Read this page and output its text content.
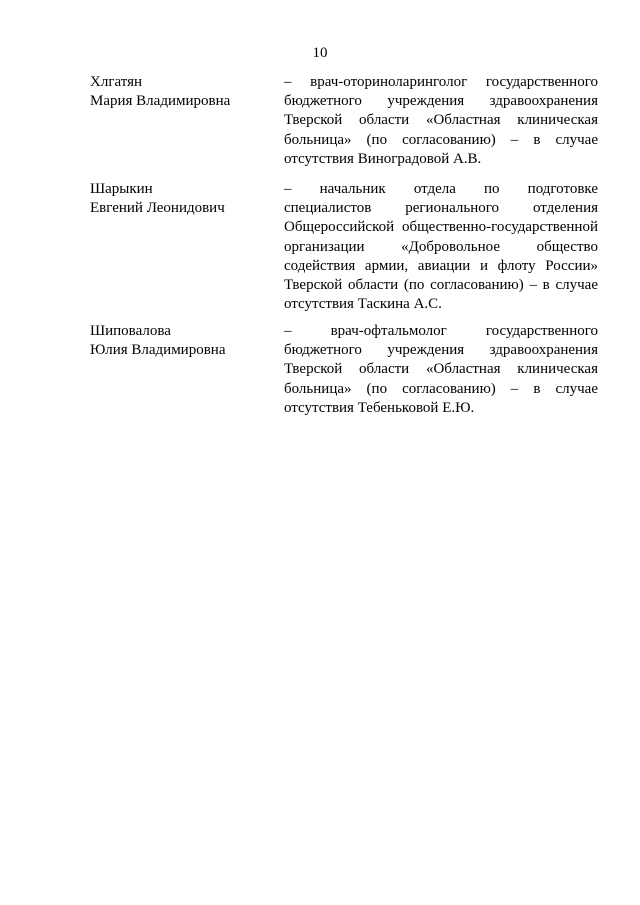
10
Хлгатян
Мария Владимировна
– врач-оториноларинголог государственного
бюджетного учреждения здравоохранения
Тверской области «Областная клиническая
больница» (по согласованию) – в случае
отсутствия Виноградовой А.В.
Шарыкин
Евгений Леонидович
– начальник отдела по подготовке
специалистов регионального отделения
Общероссийской общественно-государственной
организации «Добровольное общество
содействия армии, авиации и флоту России»
Тверской области (по согласованию) – в случае
отсутствия Таскина А.С.
Шиповалова
Юлия Владимировна
– врач-офтальмолог государственного
бюджетного учреждения здравоохранения
Тверской области «Областная клиническая
больница» (по согласованию) – в случае
отсутствия Тебеньковой Е.Ю.
